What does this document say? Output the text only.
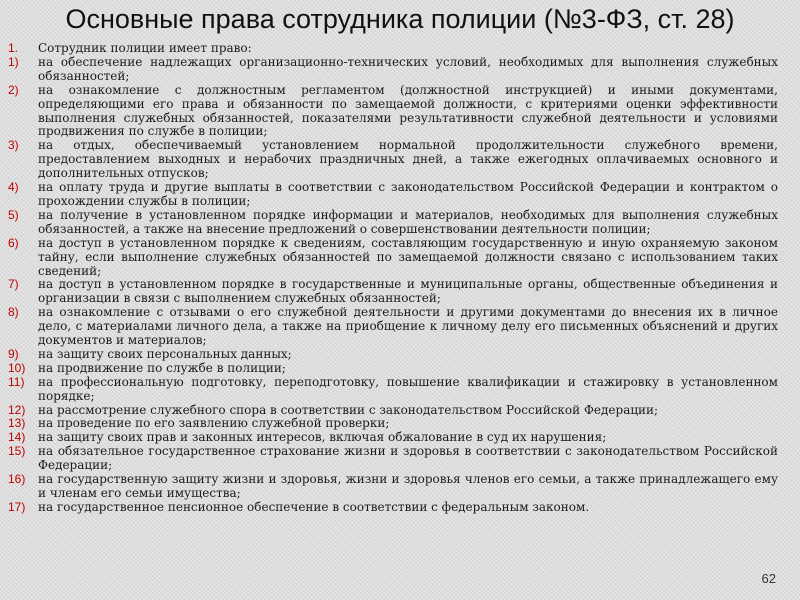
Основные права сотрудника полиции (№3-ФЗ, ст. 28)
1.	Сотрудник полиции имеет право:
1)	на обеспечение надлежащих организационно-технических условий, необходимых для выполнения служебных обязанностей;
2)	на ознакомление с должностным регламентом (должностной инструкцией) и иными документами, определяющими его права и обязанности по замещаемой должности, с критериями оценки эффективности выполнения служебных обязанностей, показателями результативности служебной деятельности и условиями продвижения по службе в полиции;
3)	на отдых, обеспечиваемый установлением нормальной продолжительности служебного времени, предоставлением выходных и нерабочих праздничных дней, а также ежегодных оплачиваемых основного и дополнительных отпусков;
4)	на оплату труда и другие выплаты в соответствии с законодательством Российской Федерации и контрактом о прохождении службы в полиции;
5)	на получение в установленном порядке информации и материалов, необходимых для выполнения служебных обязанностей, а также на внесение предложений о совершенствовании деятельности полиции;
6)	на доступ в установленном порядке к сведениям, составляющим государственную и иную охраняемую законом тайну, если выполнение служебных обязанностей по замещаемой должности связано с использованием таких сведений;
7)	на доступ в установленном порядке в государственные и муниципальные органы, общественные объединения и организации в связи с выполнением служебных обязанностей;
8)	на ознакомление с отзывами о его служебной деятельности и другими документами до внесения их в личное дело, с материалами личного дела, а также на приобщение к личному делу его письменных объяснений и других документов и материалов;
9)	на защиту своих персональных данных;
10)	на продвижение по службе в полиции;
11)	на профессиональную подготовку, переподготовку, повышение квалификации и стажировку в установленном порядке;
12)	на рассмотрение служебного спора в соответствии с законодательством Российской Федерации;
13)	на проведение по его заявлению служебной проверки;
14)	на защиту своих прав и законных интересов, включая обжалование в суд их нарушения;
15)	на обязательное государственное страхование жизни и здоровья в соответствии с законодательством Российской Федерации;
16)	на государственную защиту жизни и здоровья, жизни и здоровья членов его семьи, а также принадлежащего ему и членам его семьи имущества;
17)	на государственное пенсионное обеспечение в соответствии с федеральным законом.
62
